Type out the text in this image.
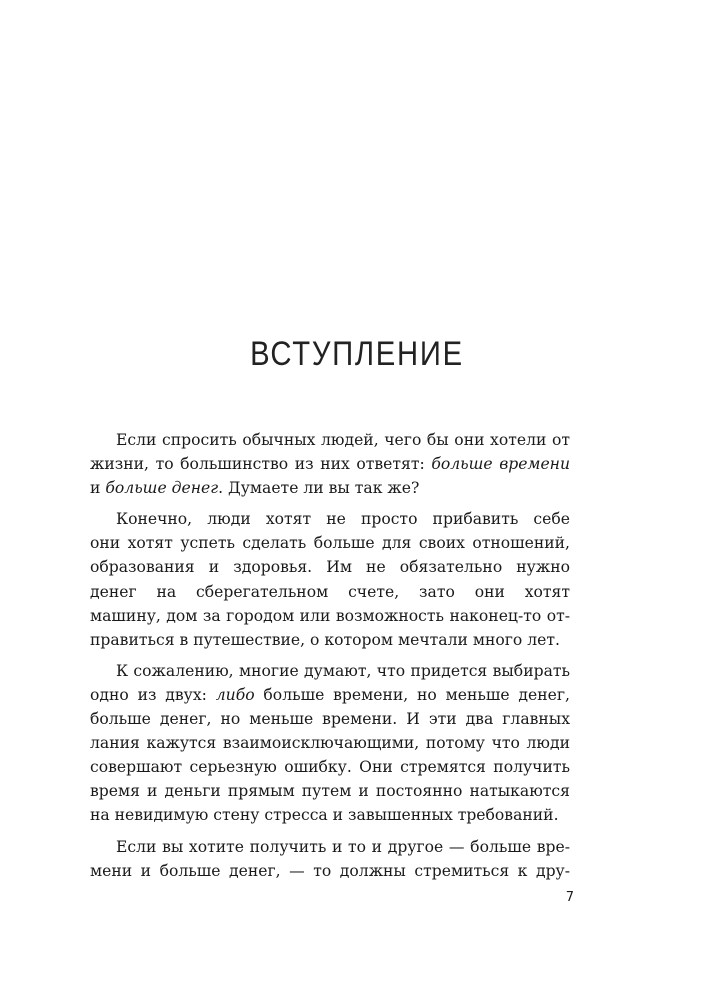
ВСТУПЛЕНИЕ
Если спросить обычных людей, чего бы они хотели от
жизни, то большинство из них ответят: больше времени
и больше денег. Думаете ли вы так же?
Конечно, люди хотят не просто прибавить себе
они хотят успеть сделать больше для своих отношений,
образования и здоровья. Им не обязательно нужно
денег на сберегательном счете, зато они хотят
машину, дом за городом или возможность наконец-то от-
правиться в путешествие, о котором мечтали много лет.
К сожалению, многие думают, что придется выбирать
одно из двух: либо больше времени, но меньше денег,
больше денег, но меньше времени. И эти два главных
лания кажутся взаимоисключающими, потому что люди
совершают серьезную ошибку. Они стремятся получить
время и деньги прямым путем и постоянно натыкаются
на невидимую стену стресса и завышенных требований.
Если вы хотите получить и то и другое — больше вре-
мени и больше денег, — то должны стремиться к дру-
7
